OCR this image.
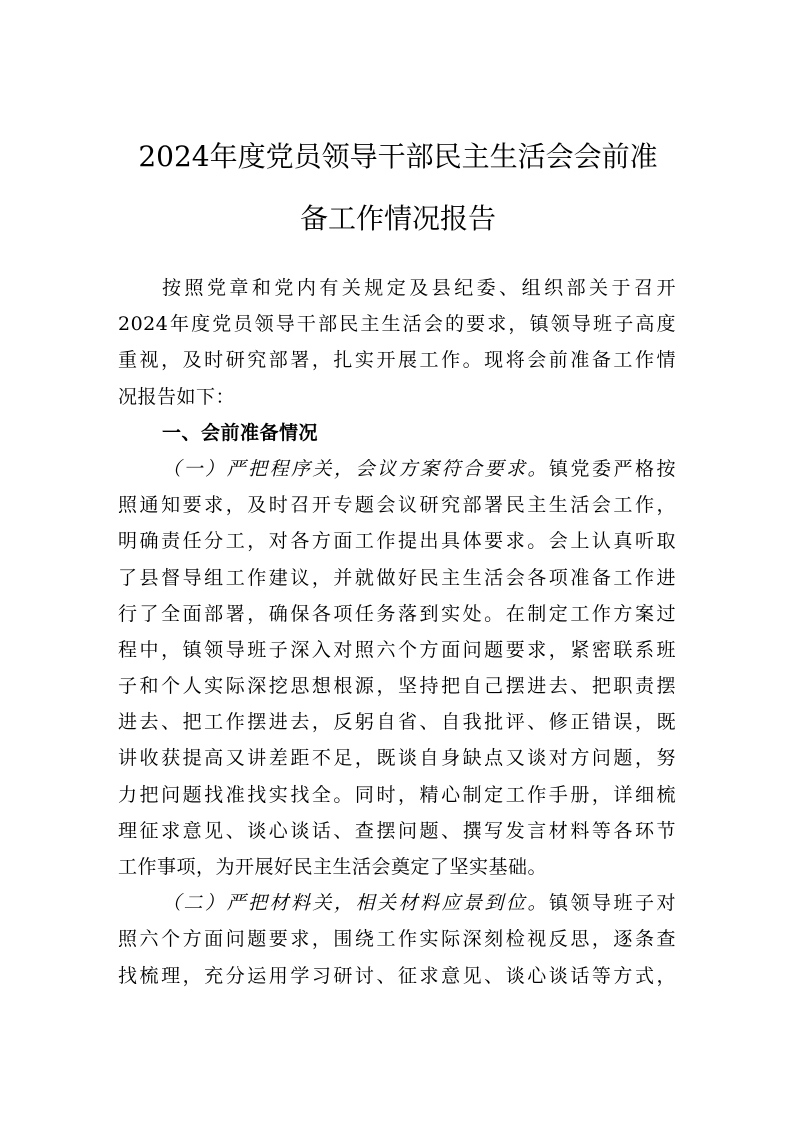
2024年度党员领导干部民主生活会会前准
备工作情况报告
按照党章和党内有关规定及县纪委、组织部关于召开
2024年度党员领导干部民主生活会的要求，镇领导班子高度
重视，及时研究部署，扎实开展工作。现将会前准备工作情
况报告如下：
一、会前准备情况
（一）严把程序关，会议方案符合要求。镇党委严格按
照通知要求，及时召开专题会议研究部署民主生活会工作，
明确责任分工，对各方面工作提出具体要求。会上认真听取
了县督导组工作建议，并就做好民主生活会各项准备工作进
行了全面部署，确保各项任务落到实处。在制定工作方案过
程中，镇领导班子深入对照六个方面问题要求，紧密联系班
子和个人实际深挖思想根源，坚持把自己摆进去、把职责摆
进去、把工作摆进去，反躬自省、自我批评、修正错误，既
讲收获提高又讲差距不足，既谈自身缺点又谈对方问题，努
力把问题找准找实找全。同时，精心制定工作手册，详细梳
理征求意见、谈心谈话、查摆问题、撰写发言材料等各环节
工作事项，为开展好民主生活会奠定了坚实基础。
（二）严把材料关，相关材料应景到位。镇领导班子对
照六个方面问题要求，围绕工作实际深刻检视反思，逐条查
找梳理，充分运用学习研讨、征求意见、谈心谈话等方式，
